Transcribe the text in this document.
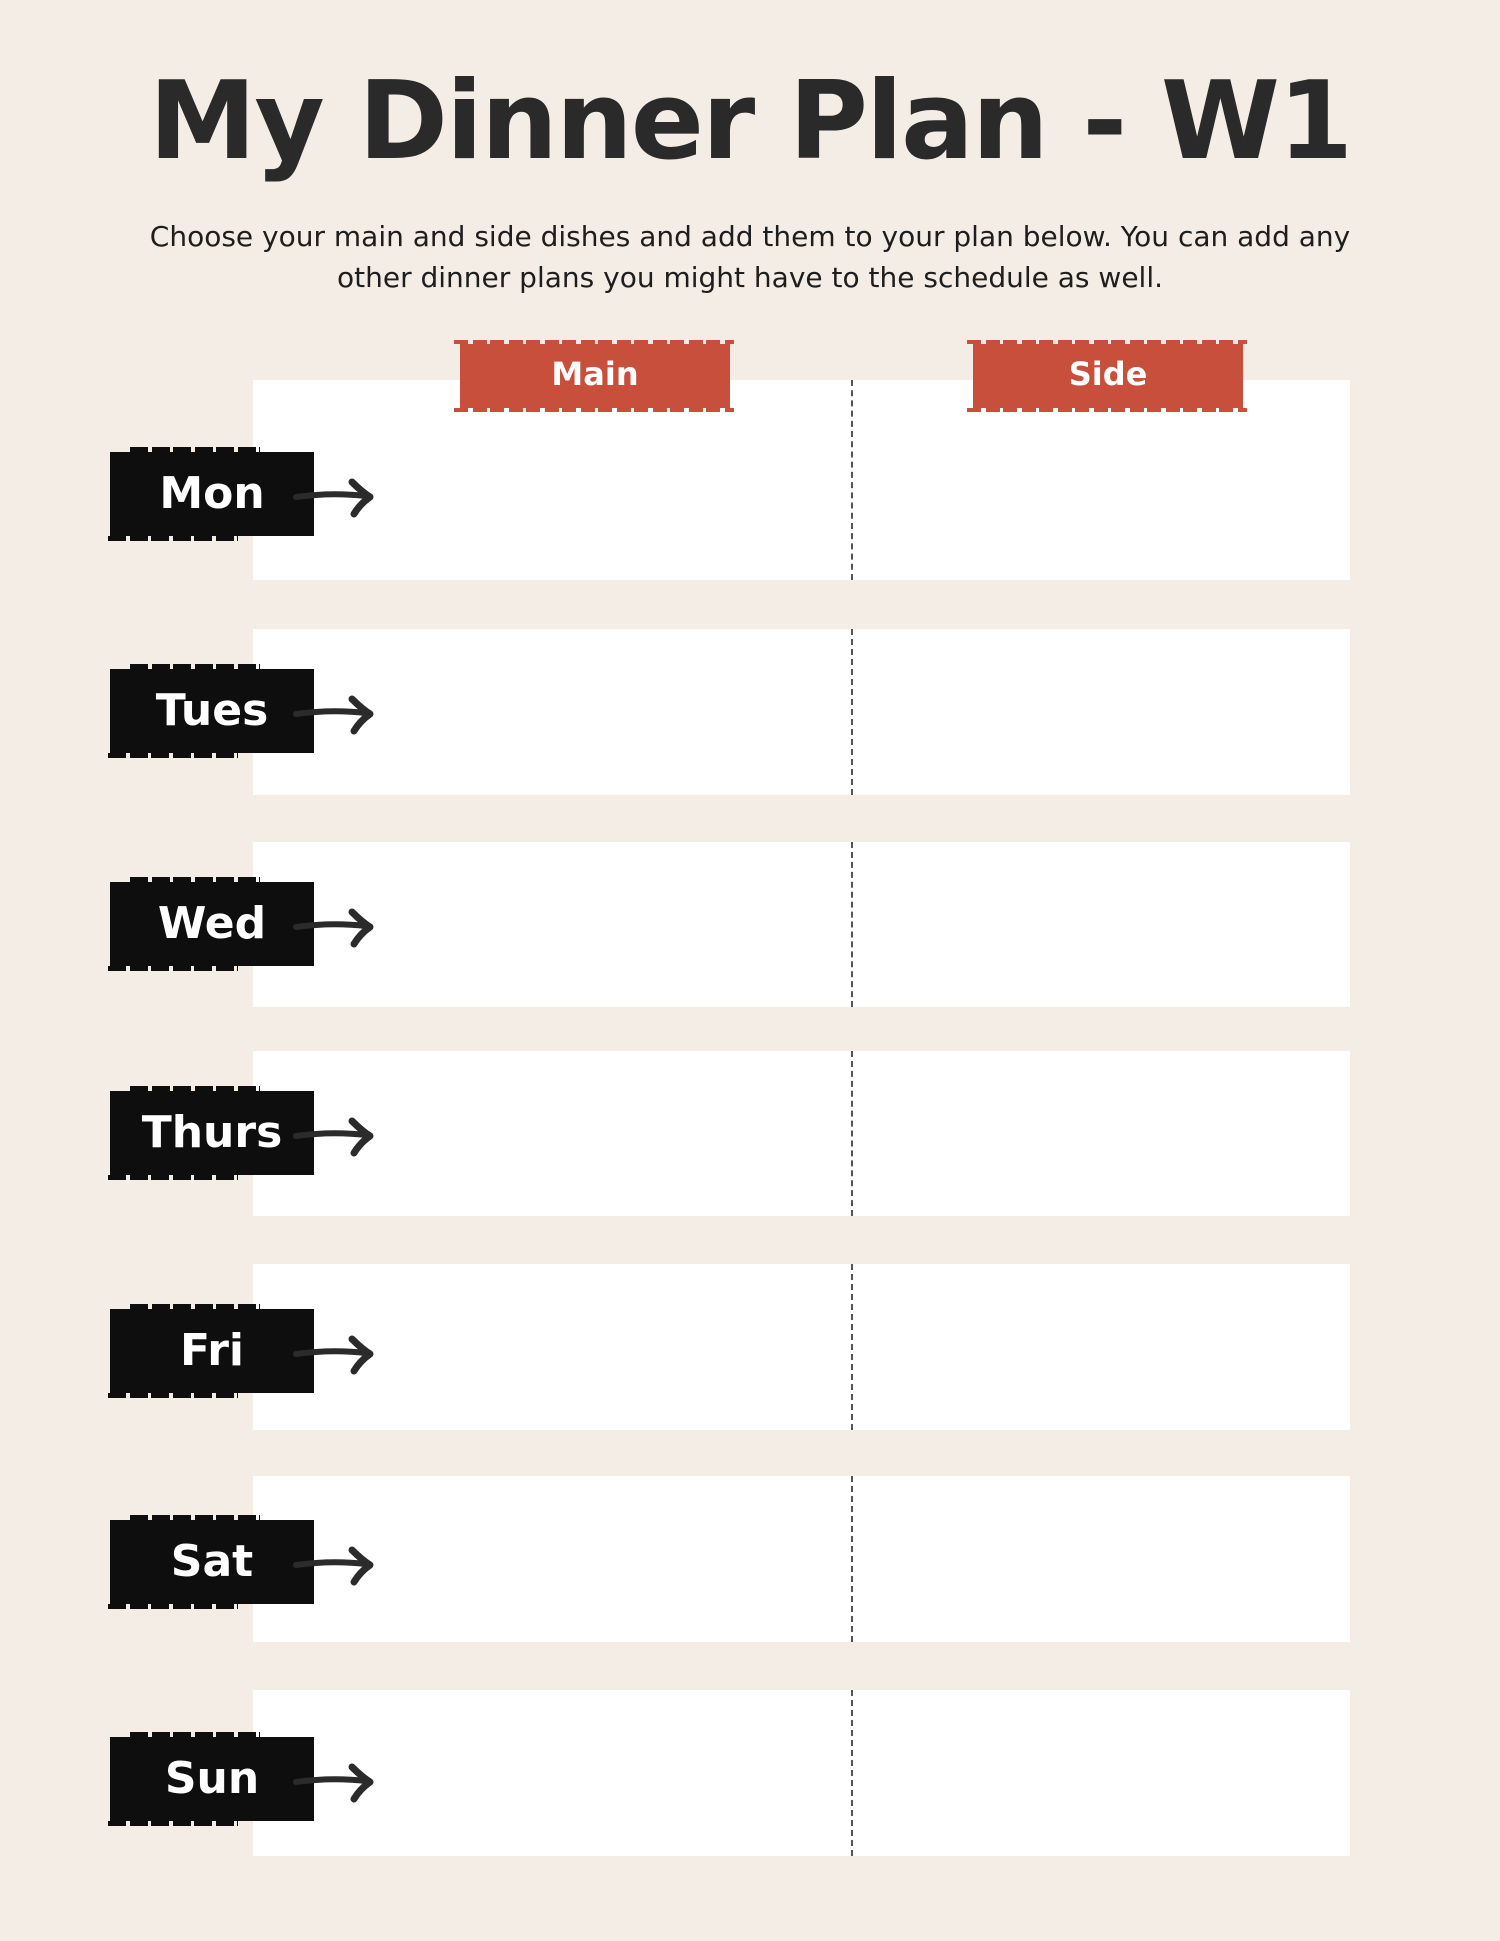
My Dinner Plan - W1

Choose your main and side dishes and add them to your plan below. You can add any other dinner plans you might have to the schedule as well.

Main	Side
Mon
Tues
Wed
Thurs
Fri
Sat
Sun
